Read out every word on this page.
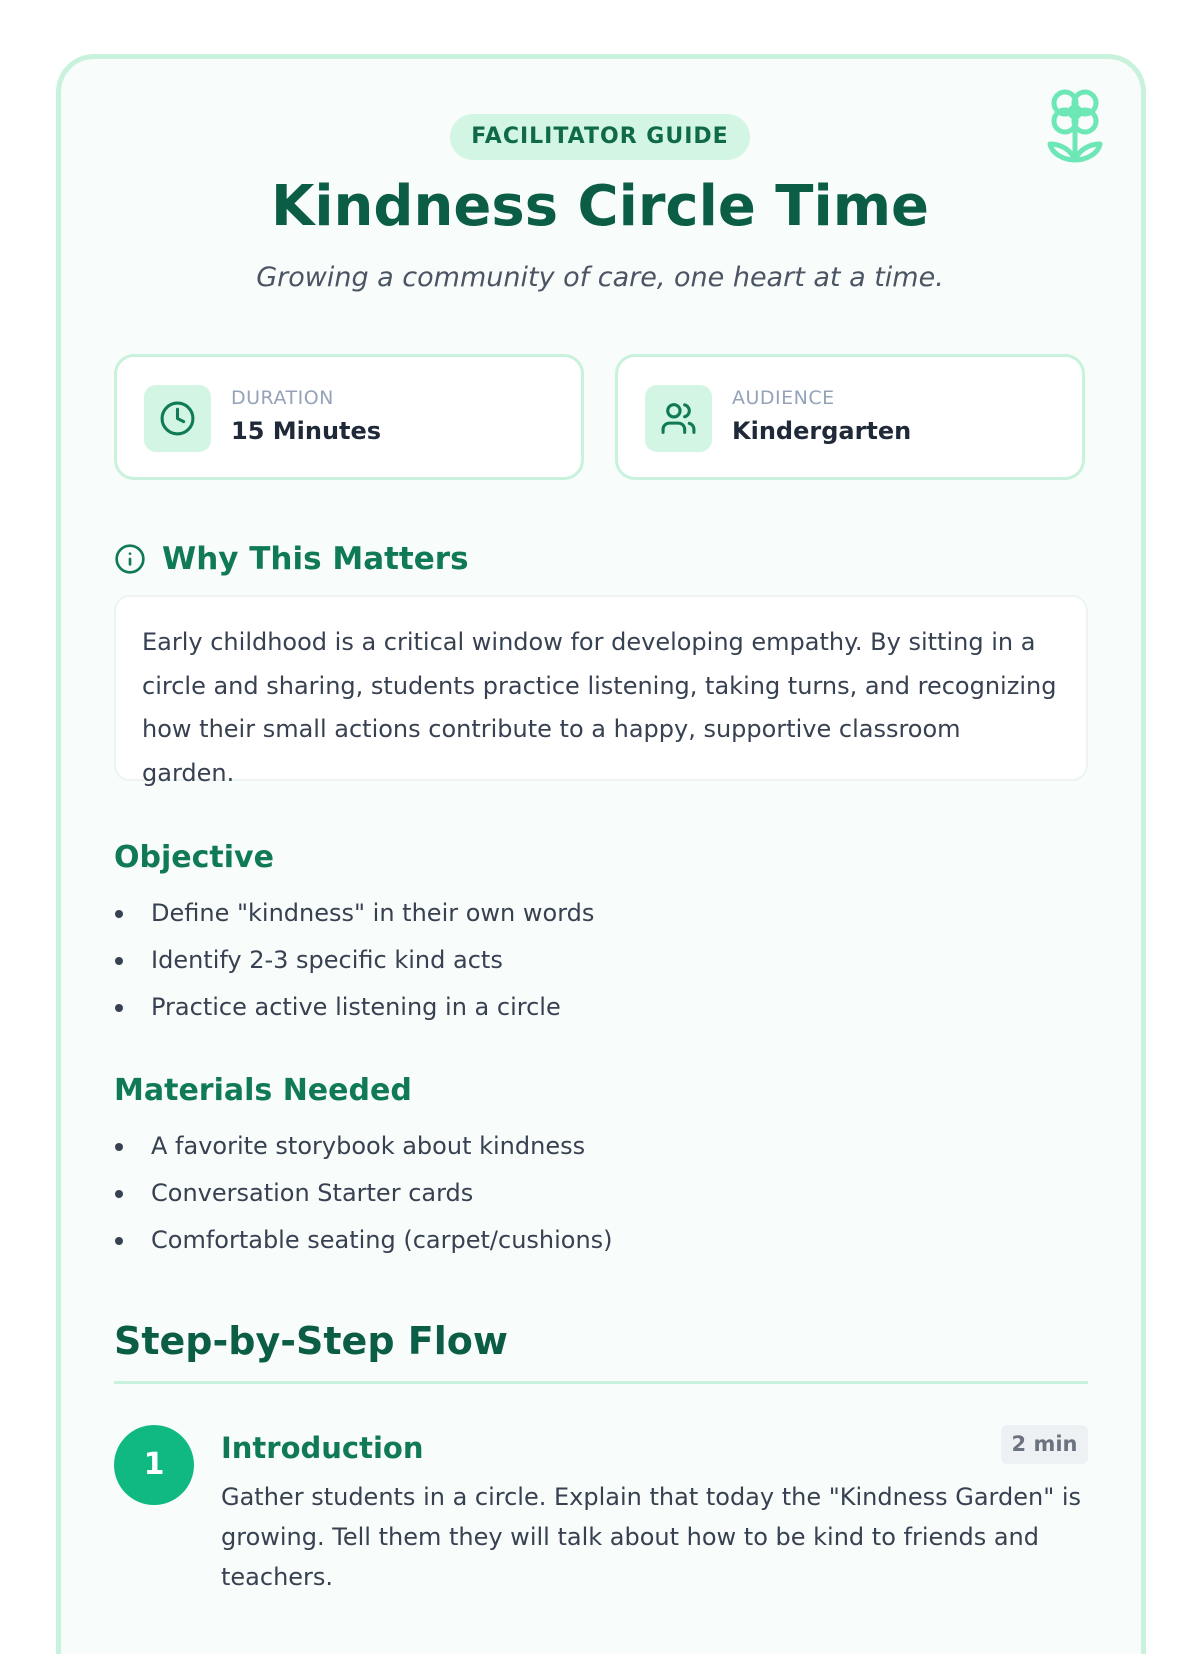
FACILITATOR GUIDE
Kindness Circle Time
Growing a community of care, one heart at a time.
DURATION
15 Minutes
AUDIENCE
Kindergarten
Why This Matters
Early childhood is a critical window for developing empathy. By sitting in a circle and sharing, students practice listening, taking turns, and recognizing how their small actions contribute to a happy, supportive classroom garden.
Objective
Define "kindness" in their own words
Identify 2-3 specific kind acts
Practice active listening in a circle
Materials Needed
A favorite storybook about kindness
Conversation Starter cards
Comfortable seating (carpet/cushions)
Step-by-Step Flow
1	Introduction	2 min
Gather students in a circle. Explain that today the "Kindness Garden" is growing. Tell them they will talk about how to be kind to friends and teachers.
